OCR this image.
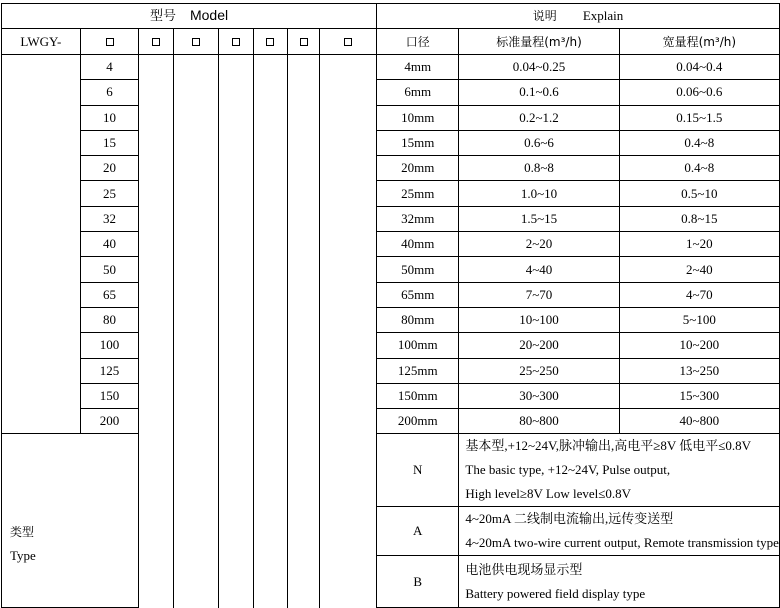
型号 Model								说明 Explain		
LWGY-								口径	标准量程(m³/h)	宽量程(m³/h)
	4							4mm	0.04~0.25	0.04~0.4
	6							6mm	0.1~0.6	0.06~0.6
	10							10mm	0.2~1.2	0.15~1.5
	15							15mm	0.6~6	0.4~8
	20							20mm	0.8~8	0.4~8
	25							25mm	1.0~10	0.5~10
	32							32mm	1.5~15	0.8~15
	40							40mm	2~20	1~20
	50							50mm	4~40	2~40
	65							65mm	7~70	4~70
	80							80mm	10~100	5~100
	100							100mm	20~200	10~200
	125							125mm	25~250	13~250
	150							150mm	30~300	15~300
	200							200mm	80~800	40~800

类型
Type								N	基本型,+12~24V,脉冲输出,高电平≥8V 低电平≤0.8V
The basic type, +12~24V, Pulse output,
High level≥8V Low level≤0.8V	

								A	4~20mA 二线制电流输出,远传变送型
4~20mA two-wire current output, Remote transmission type	

								B	电池供电现场显示型
Battery powered field display type	
